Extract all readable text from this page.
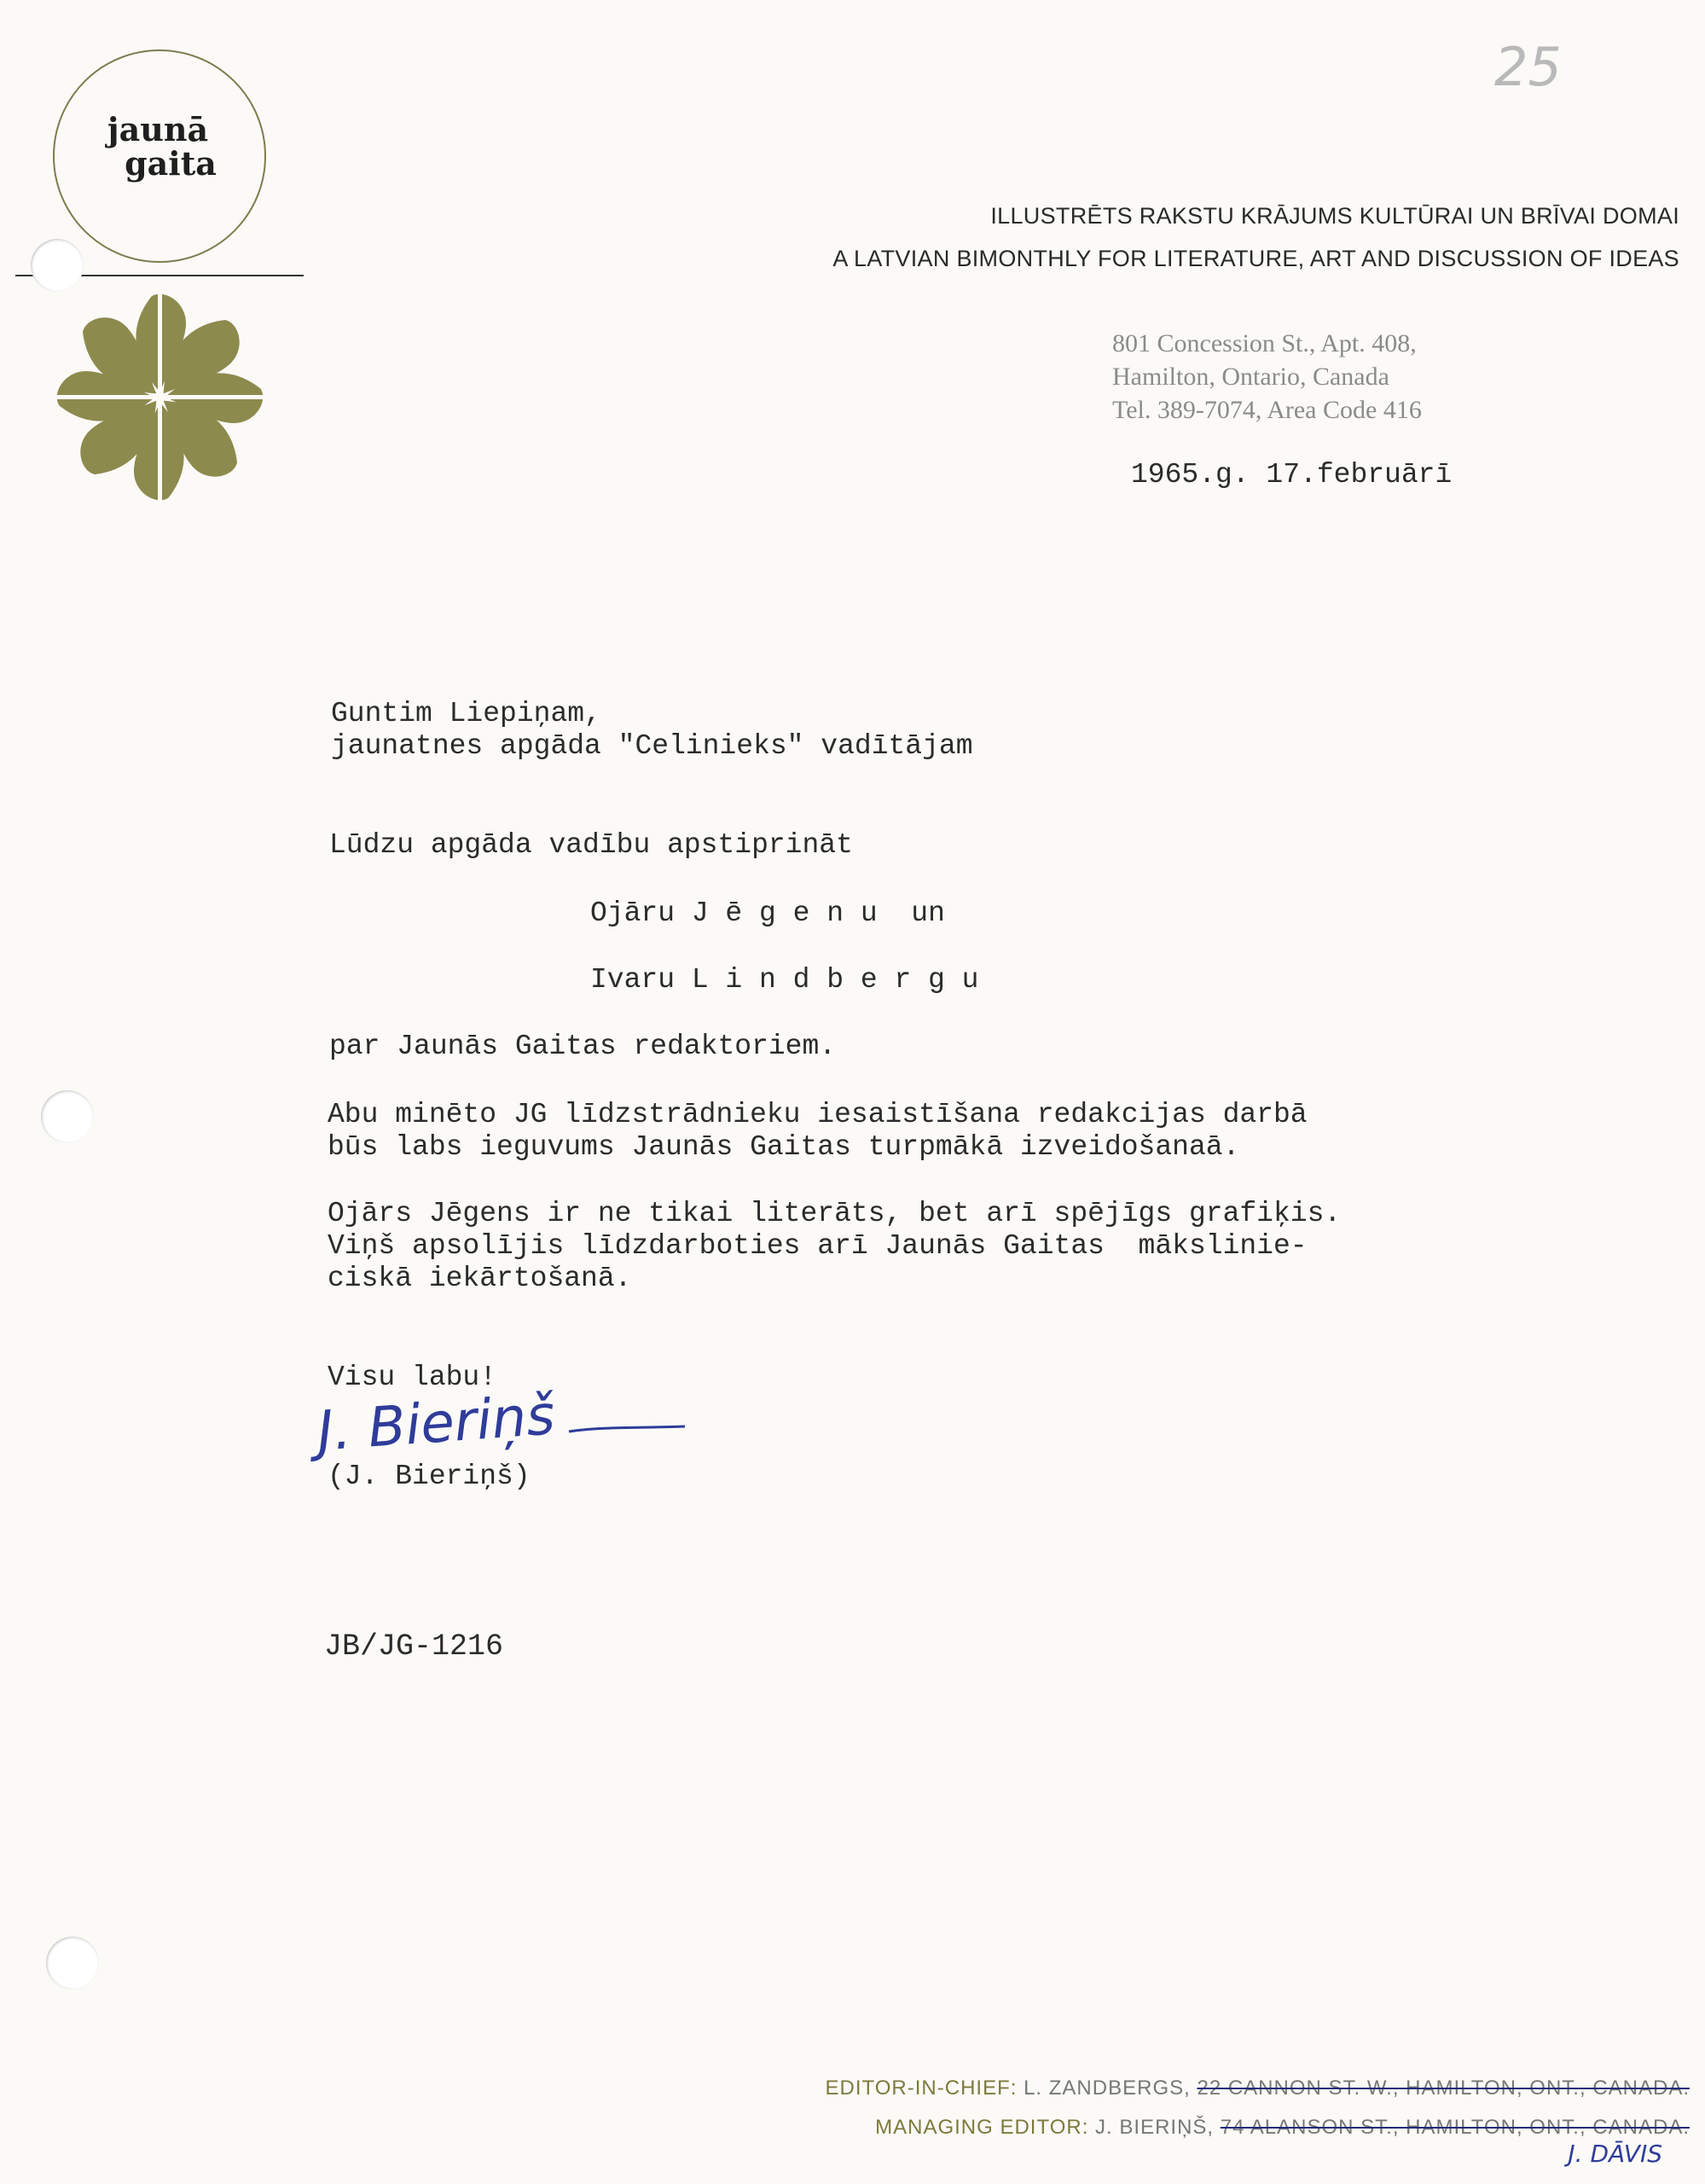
jaunā
gaita
25
ILLUSTRĒTS RAKSTU KRĀJUMS KULTŪRAI UN BRĪVAI DOMAI
A LATVIAN BIMONTHLY FOR LITERATURE, ART AND DISCUSSION OF IDEAS
801 Concession St., Apt. 408,
Hamilton, Ontario, Canada
Tel. 389-7074, Area Code 416
1965.g. 17.februārī
Guntim Liepiņam,
jaunatnes apgāda "Celinieks" vadītājam
Lūdzu apgāda vadību apstiprināt
Ojāru J ē g e n u  un
Ivaru L i n d b e r g u
par Jaunās Gaitas redaktoriem.
Abu minēto JG līdzstrādnieku iesaistīšana redakcijas darbā
būs labs ieguvums Jaunās Gaitas turpmākā izveidošanaā.
Ojārs Jēgens ir ne tikai literāts, bet arī spējīgs grafiķis.
Viņš apsolījis līdzdarboties arī Jaunās Gaitas  mākslinie-
ciskā iekārtošanā.
Visu labu!
J. Bieriņš
(J. Bieriņš)
JB/JG-1216
EDITOR-IN-CHIEF: L. ZANDBERGS, 22 CANNON ST. W., HAMILTON, ONT., CANADA.
MANAGING EDITOR: J. BIERIŅŠ, 74 ALANSON ST., HAMILTON, ONT., CANADA.
J. DĀVIS
